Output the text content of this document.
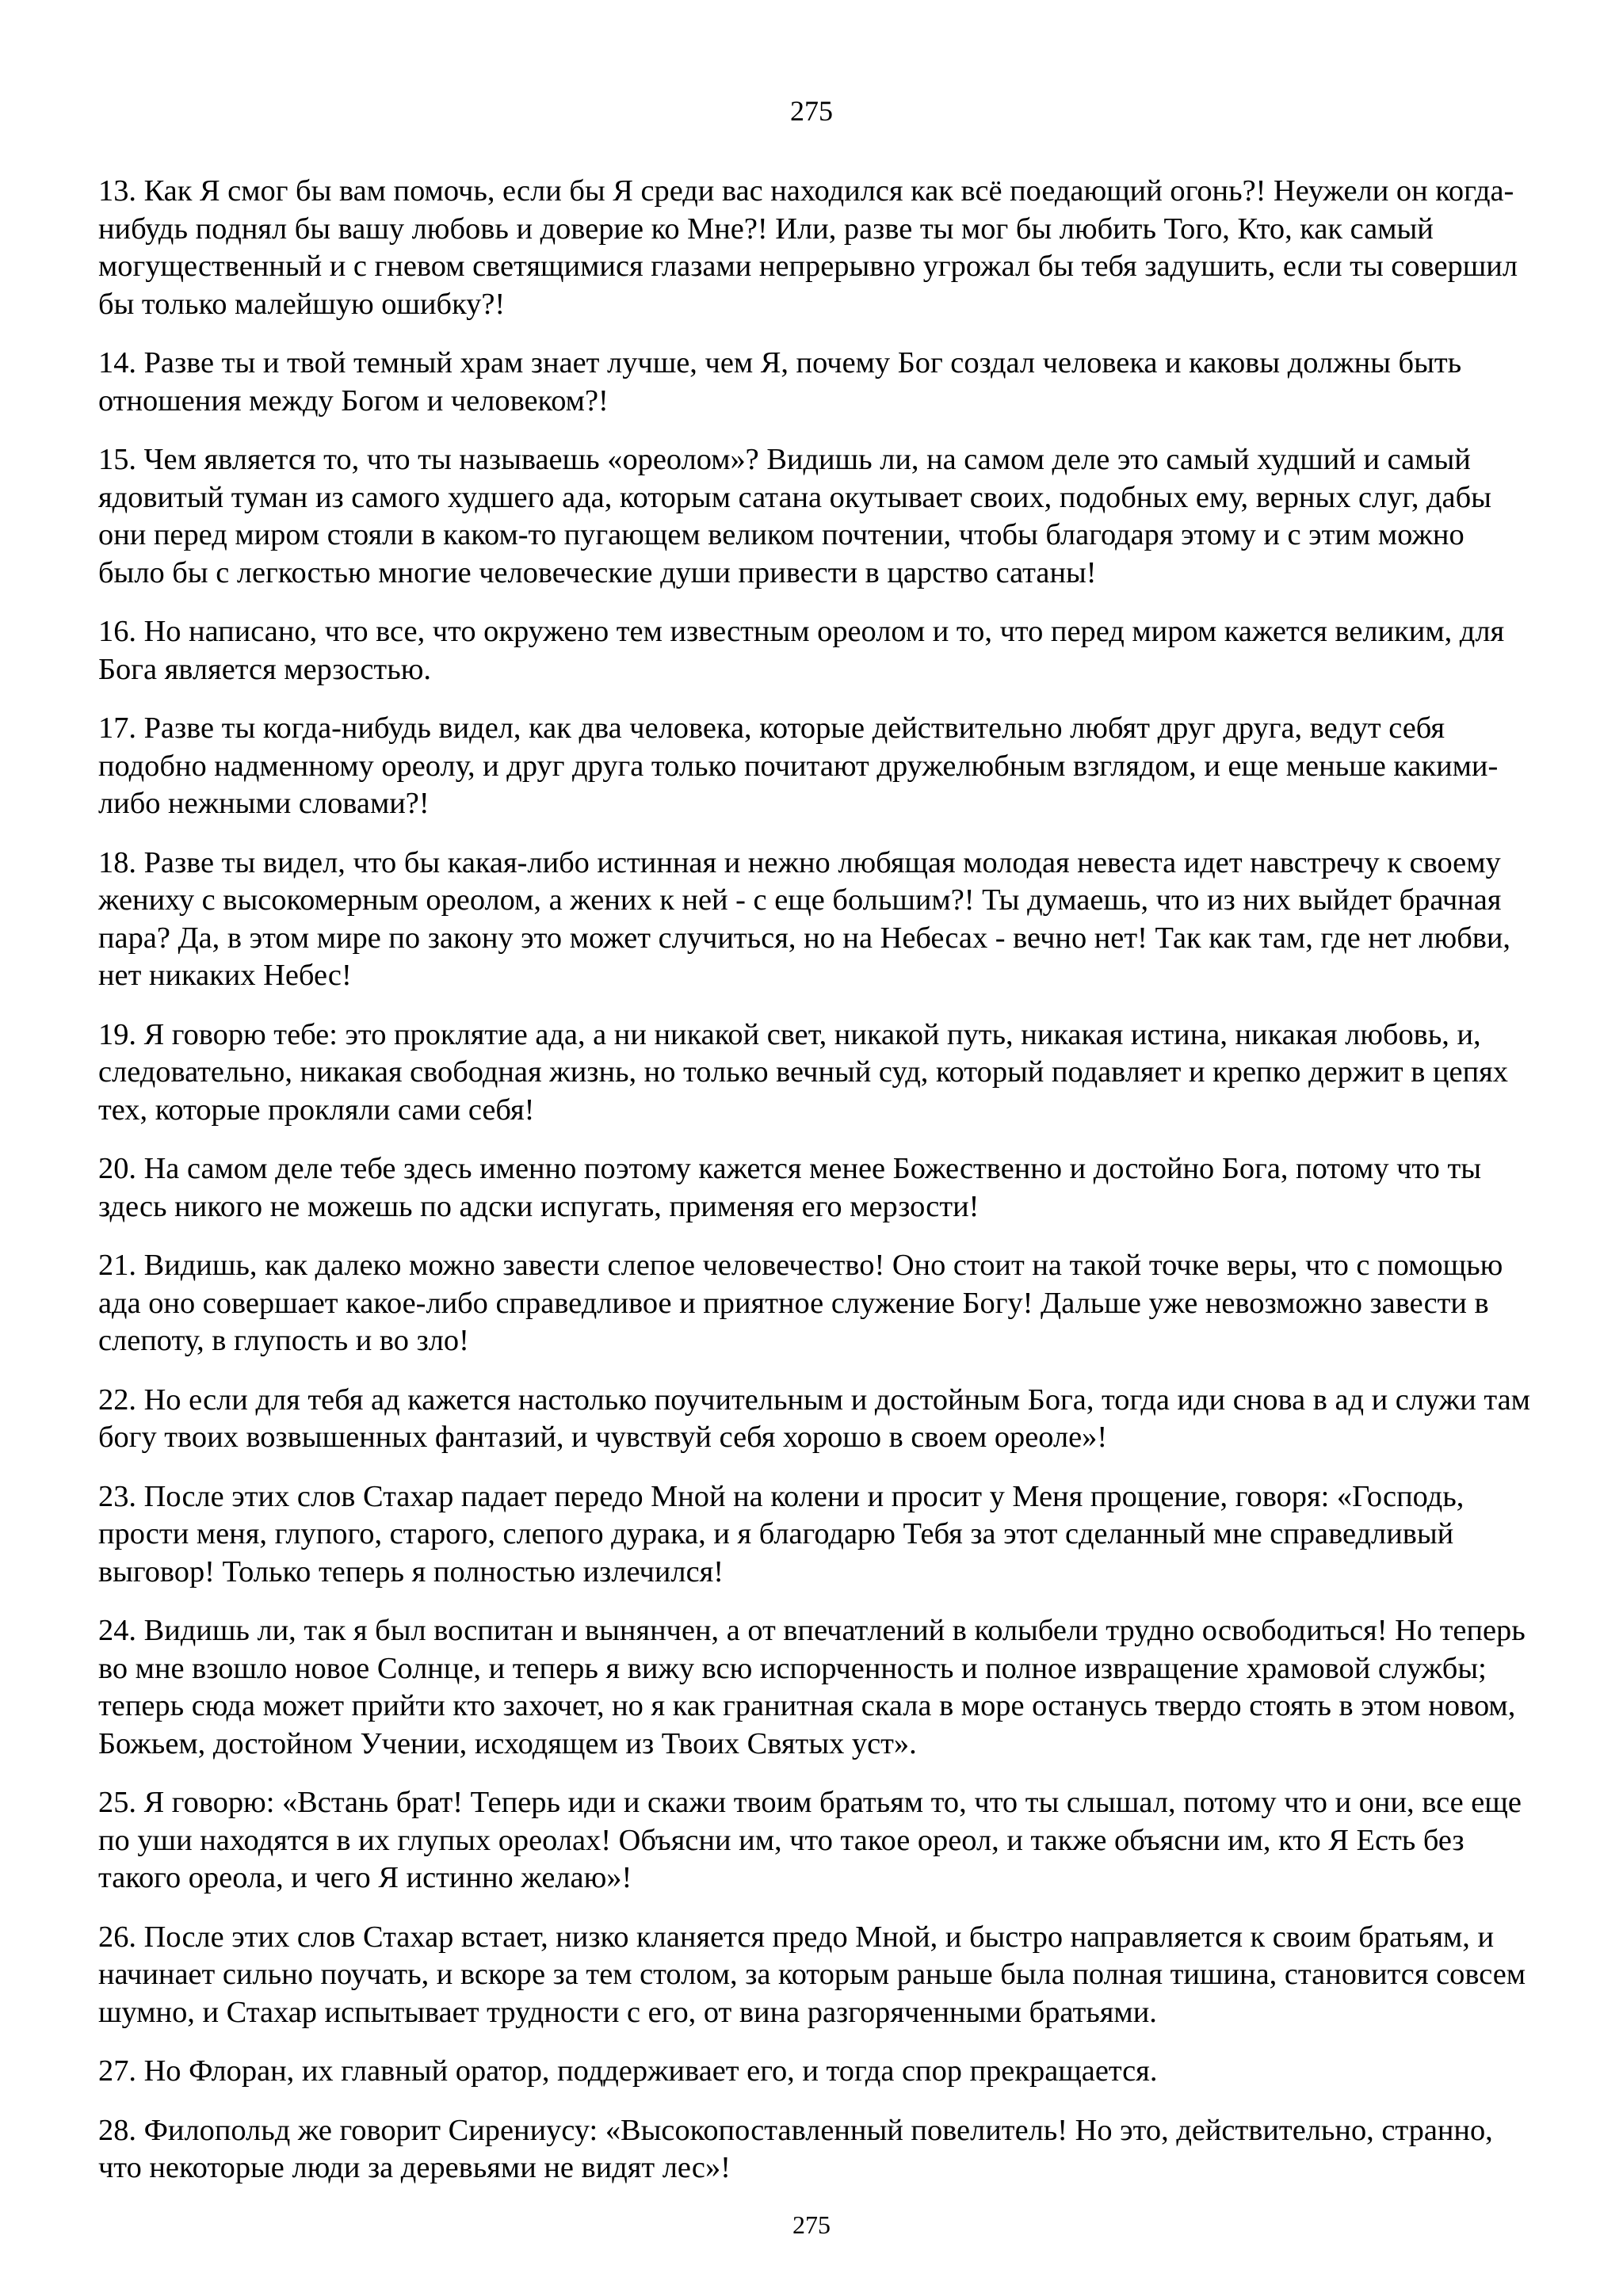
275

13. Как Я смог бы вам помочь, если бы Я среди вас находился как всё поедающий огонь?! Неужели он когда-нибудь поднял бы вашу любовь и доверие ко Мне?! Или, разве ты мог бы любить Того, Кто, как самый могущественный и с гневом светящимися глазами непрерывно угрожал бы тебя задушить, если ты совершил бы только малейшую ошибку?!

14. Разве ты и твой темный храм знает лучше, чем Я, почему Бог создал человека и каковы должны быть отношения между Богом и человеком?!

15. Чем является то, что ты называешь «ореолом»? Видишь ли, на самом деле это самый худший и самый ядовитый туман из самого худшего ада, которым сатана окутывает своих, подобных ему, верных слуг, дабы они перед миром стояли в каком-то пугающем великом почтении, чтобы благодаря этому и с этим можно было бы с легкостью многие человеческие души привести в царство сатаны!

16. Но написано, что все, что окружено тем известным ореолом и то, что перед миром кажется великим, для Бога является мерзостью.

17. Разве ты когда-нибудь видел, как два человека, которые действительно любят друг друга, ведут себя подобно надменному ореолу, и друг друга только почитают дружелюбным взглядом, и еще меньше какими-либо нежными словами?!

18. Разве ты видел, что бы какая-либо истинная и нежно любящая молодая невеста идет навстречу к своему жениху с высокомерным ореолом, а жених к ней - с еще большим?! Ты думаешь, что из них выйдет брачная пара? Да, в этом мире по закону это может случиться, но на Небесах - вечно нет! Так как там, где нет любви, нет никаких Небес!

19. Я говорю тебе: это проклятие ада, а ни никакой свет, никакой путь, никакая истина, никакая любовь, и, следовательно, никакая свободная жизнь, но только вечный суд, который подавляет и крепко держит в цепях тех, которые прокляли сами себя!

20. На самом деле тебе здесь именно поэтому кажется менее Божественно и достойно Бога, потому что ты здесь никого не можешь по адски испугать, применяя его мерзости!

21. Видишь, как далеко можно завести слепое человечество! Оно стоит на такой точке веры, что с помощью ада оно совершает какое-либо справедливое и приятное служение Богу! Дальше уже невозможно завести в слепоту, в глупость и во зло!

22. Но если для тебя ад кажется настолько поучительным и достойным Бога, тогда иди снова в ад и служи там богу твоих возвышенных фантазий, и чувствуй себя хорошо в своем ореоле»!

23. После этих слов Стахар падает передо Мной на колени и просит у Меня прощение, говоря: «Господь, прости меня, глупого, старого, слепого дурака, и я благодарю Тебя за этот сделанный мне справедливый выговор! Только теперь я полностью излечился!

24. Видишь ли, так я был воспитан и вынянчен, а от впечатлений в колыбели трудно освободиться! Но теперь во мне взошло новое Солнце, и теперь я вижу всю испорченность и полное извращение храмовой службы; теперь сюда может прийти кто захочет, но я как гранитная скала в море останусь твердо стоять в этом новом, Божьем, достойном Учении, исходящем из Твоих Святых уст».

25. Я говорю: «Встань брат! Теперь иди и скажи твоим братьям то, что ты слышал, потому что и они, все еще по уши находятся в их глупых ореолах! Объясни им, что такое ореол, и также объясни им, кто Я Есть без такого ореола, и чего Я истинно желаю»!

26. После этих слов Стахар встает, низко кланяется предо Мной, и быстро направляется к своим братьям, и начинает сильно поучать, и вскоре за тем столом, за которым раньше была полная тишина, становится совсем шумно, и Стахар испытывает трудности с его, от вина разгоряченными братьями.

27. Но Флоран, их главный оратор, поддерживает его, и тогда спор прекращается.

28. Филопольд же говорит Сирениусу: «Высокопоставленный повелитель! Но это, действительно, странно, что некоторые люди за деревьями не видят лес»!

275
